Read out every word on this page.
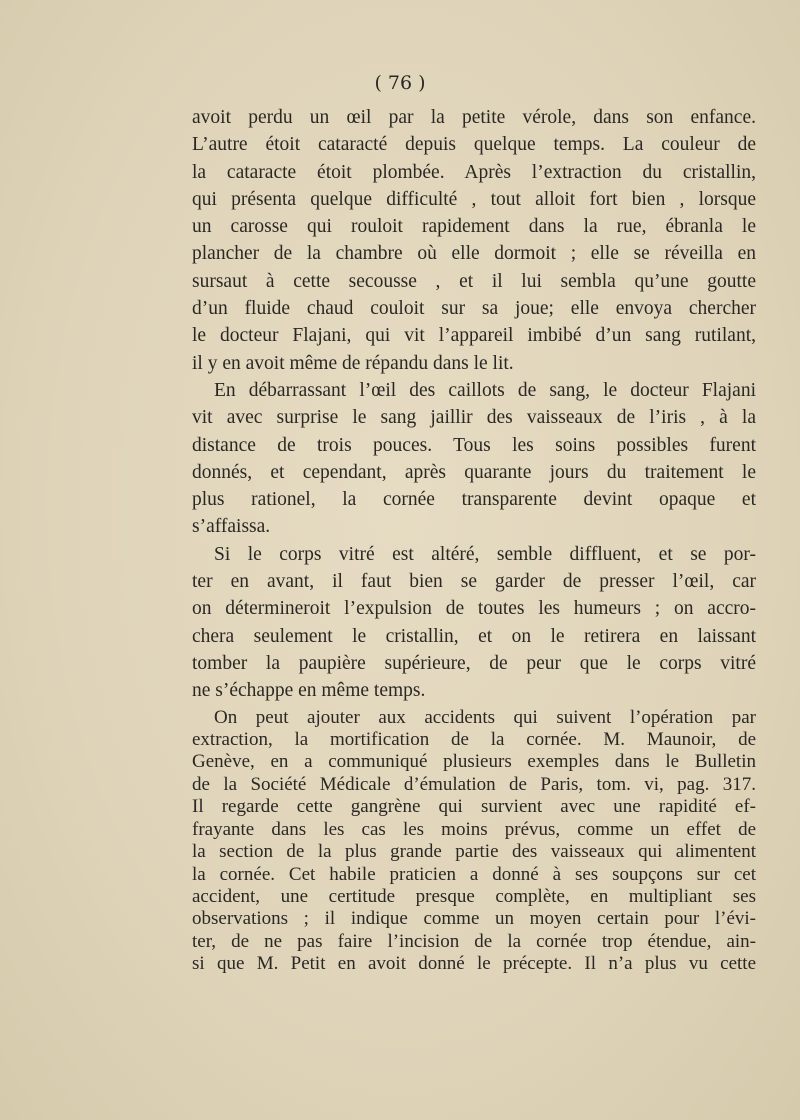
( 76 )
avoit perdu un œil par la petite vérole, dans son enfance.
L’autre étoit cataracté depuis quelque temps. La couleur de
la cataracte étoit plombée. Après l’extraction du cristallin,
qui présenta quelque difficulté , tout alloit fort bien , lorsque
un carosse qui rouloit rapidement dans la rue, ébranla le
plancher de la chambre où elle dormoit ; elle se réveilla en
sursaut à cette secousse , et il lui sembla qu’une goutte
d’un fluide chaud couloit sur sa joue; elle envoya chercher
le docteur Flajani, qui vit l’appareil imbibé d’un sang rutilant,
il y en avoit même de répandu dans le lit.
En débarrassant l’œil des caillots de sang, le docteur Flajani
vit avec surprise le sang jaillir des vaisseaux de l’iris , à la
distance de trois pouces. Tous les soins possibles furent
donnés, et cependant, après quarante jours du traitement le
plus rationel, la cornée transparente devint opaque et
s’affaissa.
Si le corps vitré est altéré, semble diffluent, et se por-
ter en avant, il faut bien se garder de presser l’œil, car
on détermineroit l’expulsion de toutes les humeurs ; on accro-
chera seulement le cristallin, et on le retirera en laissant
tomber la paupière supérieure, de peur que le corps vitré
ne s’échappe en même temps.
On peut ajouter aux accidents qui suivent l’opération par
extraction, la mortification de la cornée. M. Maunoir, de
Genève, en a communiqué plusieurs exemples dans le Bulletin
de la Société Médicale d’émulation de Paris, tom. vi, pag. 317.
Il regarde cette gangrène qui survient avec une rapidité ef-
frayante dans les cas les moins prévus, comme un effet de
la section de la plus grande partie des vaisseaux qui alimentent
la cornée. Cet habile praticien a donné à ses soupçons sur cet
accident, une certitude presque complète, en multipliant ses
observations ; il indique comme un moyen certain pour l’évi-
ter, de ne pas faire l’incision de la cornée trop étendue, ain-
si que M. Petit en avoit donné le précepte. Il n’a plus vu cette
